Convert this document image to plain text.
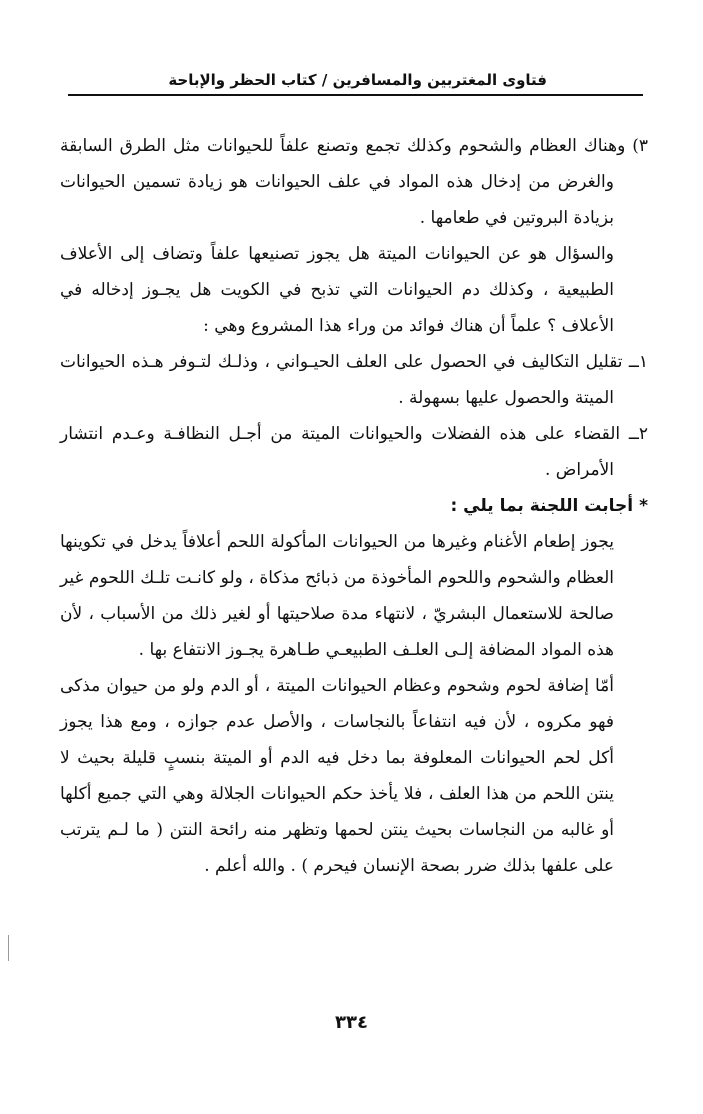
فتاوى المغتربين والمسافرين / كتاب الحظر والإباحة

٣) وهناك العظام والشحوم وكذلك تجمع وتصنع علفاً للحيوانات مثل الطرق السابقة والغرض من إدخال هذه المواد في علف الحيوانات هو زيادة تسمين الحيوانات بزيادة البروتين في طعامها .

والسؤال هو عن الحيوانات الميتة هل يجوز تصنيعها علفاً وتضاف إلى الأعلاف الطبيعية ، وكذلك دم الحيوانات التي تذبح في الكويت هل يجـوز إدخاله في الأعلاف ؟ علماً أن هناك فوائد من وراء هذا المشروع وهي :

١ــ تقليل التكاليف في الحصول على العلف الحيـواني ، وذلـك لتـوفر هـذه الحيوانات الميتة والحصول عليها بسهولة .

٢ــ القضاء على هذه الفضلات والحيوانات الميتة من أجـل النظافـة وعـدم انتشار الأمراض .

*أجابت اللجنة بما يلي :

يجوز إطعام الأغنام وغيرها من الحيوانات المأكولة اللحم أعلافاً يدخل في تكوينها العظام والشحوم واللحوم المأخوذة من ذبائح مذكاة ، ولو كانـت تلـك اللحوم غير صالحة للاستعمال البشريّ ، لانتهاء مدة صلاحيتها أو لغير ذلك من الأسباب ، لأن هذه المواد المضافة إلـى العلـف الطبيعـي طـاهرة يجـوز الانتفاع بها .

أمّا إضافة لحوم وشحوم وعظام الحيوانات الميتة ، أو الدم ولو من حيوان مذكى فهو مكروه ، لأن فيه انتفاعاً بالنجاسات ، والأصل عدم جوازه ، ومع هذا يجوز أكل لحم الحيوانات المعلوفة بما دخل فيه الدم أو الميتة بنسبٍ قليلة بحيث لا ينتن اللحم من هذا العلف ، فلا يأخذ حكم الحيوانات الجلالة وهي التي جميع أكلها أو غالبه من النجاسات بحيث ينتن لحمها وتظهر منه رائحة النتن ( ما لـم يترتب على علفها بذلك ضرر بصحة الإنسان فيحرم ) . والله أعلم .

٣٣٤
